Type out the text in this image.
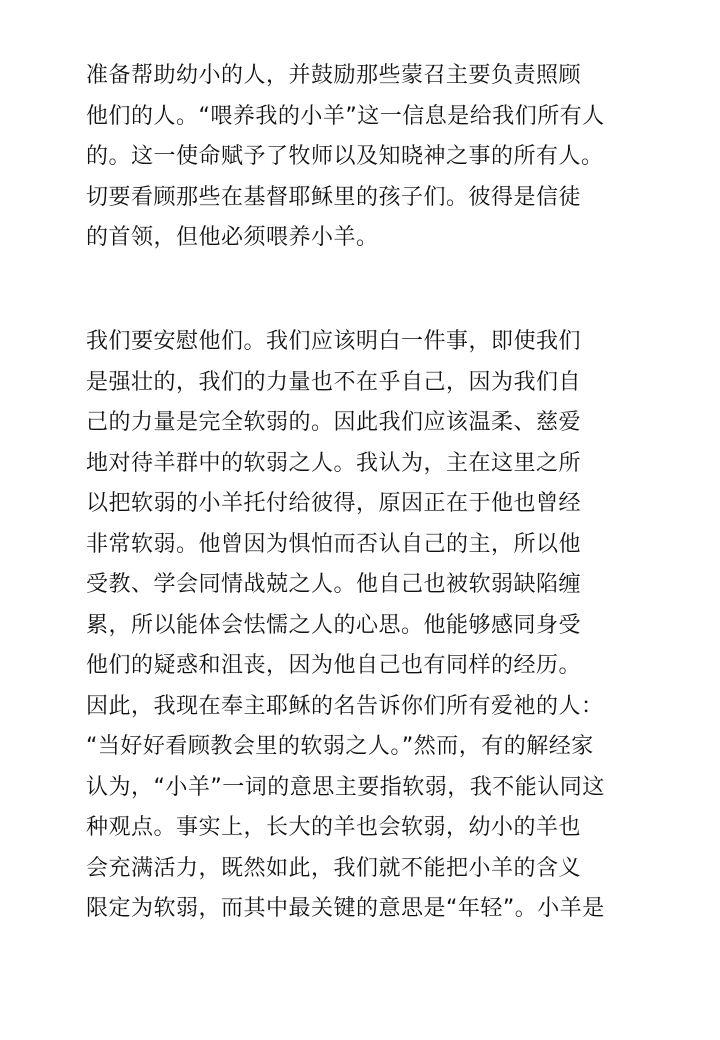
准备帮助幼小的人，并鼓励那些蒙召主要负责照顾
他们的人。“喂养我的小羊”这一信息是给我们所有人
的。这一使命赋予了牧师以及知晓神之事的所有人。
切要看顾那些在基督耶稣里的孩子们。彼得是信徒
的首领，但他必须喂养小羊。

我们要安慰他们。我们应该明白一件事，即使我们
是强壮的，我们的力量也不在乎自己，因为我们自
己的力量是完全软弱的。因此我们应该温柔、慈爱
地对待羊群中的软弱之人。我认为，主在这里之所
以把软弱的小羊托付给彼得，原因正在于他也曾经
非常软弱。他曾因为惧怕而否认自己的主，所以他
受教、学会同情战兢之人。他自己也被软弱缺陷缠
累，所以能体会怯懦之人的心思。他能够感同身受
他们的疑惑和沮丧，因为他自己也有同样的经历。
因此，我现在奉主耶稣的名告诉你们所有爱祂的人：
“当好好看顾教会里的软弱之人。”然而，有的解经家
认为，“小羊”一词的意思主要指软弱，我不能认同这
种观点。事实上，长大的羊也会软弱，幼小的羊也
会充满活力，既然如此，我们就不能把小羊的含义
限定为软弱，而其中最关键的意思是“年轻”。小羊是
